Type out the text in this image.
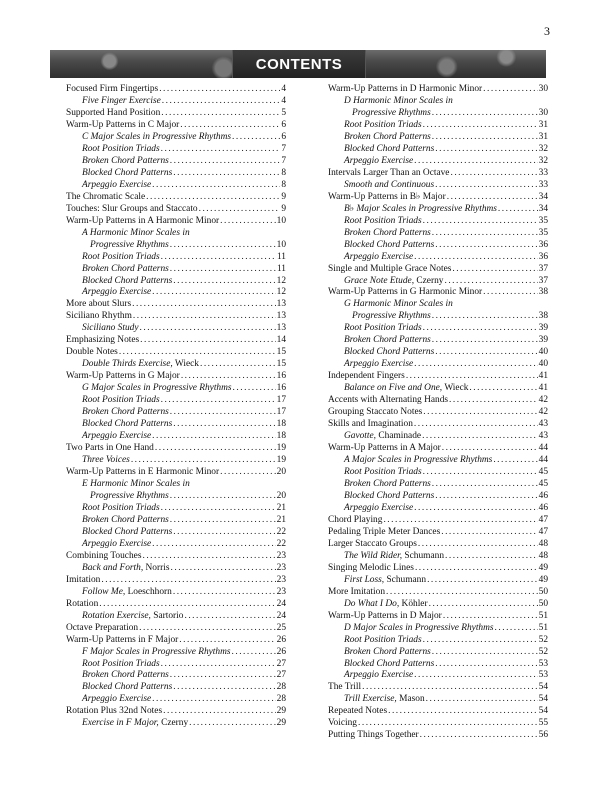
3
CONTENTS
Focused Firm Fingertips .....	4
Five Finger Exercise .....	4
Supported Hand Position .....	5
Warm-Up Patterns in C Major .....	6
C Major Scales in Progressive Rhythms .....	6
Root Position Triads .....	7
Broken Chord Patterns .....	7
Blocked Chord Patterns .....	8
Arpeggio Exercise .....	8
The Chromatic Scale .....	9
Touches: Slur Groups and Staccato .....	9
Warm-Up Patterns in A Harmonic Minor .....	10
A Harmonic Minor Scales in
Progressive Rhythms .....	10
Root Position Triads .....	11
Broken Chord Patterns .....	11
Blocked Chord Patterns .....	12
Arpeggio Exercise .....	12
More about Slurs .....	13
Siciliano Rhythm .....	13
Siciliano Study .....	13
Emphasizing Notes .....	14
Double Notes .....	15
Double Thirds Exercise, Wieck .....	15
Warm-Up Patterns in G Major .....	16
G Major Scales in Progressive Rhythms .....	16
Root Position Triads .....	17
Broken Chord Patterns .....	17
Blocked Chord Patterns .....	18
Arpeggio Exercise .....	18
Two Parts in One Hand .....	19
Three Voices .....	19
Warm-Up Patterns in E Harmonic Minor .....	20
E Harmonic Minor Scales in
Progressive Rhythms .....	20
Root Position Triads .....	21
Broken Chord Patterns .....	21
Blocked Chord Patterns .....	22
Arpeggio Exercise .....	22
Combining Touches .....	23
Back and Forth, Norris .....	23
Imitation .....	23
Follow Me, Loeschhorn .....	23
Rotation .....	24
Rotation Exercise, Sartorio .....	24
Octave Preparation .....	25
Warm-Up Patterns in F Major .....	26
F Major Scales in Progressive Rhythms .....	26
Root Position Triads .....	27
Broken Chord Patterns .....	27
Blocked Chord Patterns .....	28
Arpeggio Exercise .....	28
Rotation Plus 32nd Notes .....	29
Exercise in F Major, Czerny .....	29
Warm-Up Patterns in D Harmonic Minor .....	30
D Harmonic Minor Scales in
Progressive Rhythms .....	30
Root Position Triads .....	31
Broken Chord Patterns .....	31
Blocked Chord Patterns .....	32
Arpeggio Exercise .....	32
Intervals Larger Than an Octave .....	33
Smooth and Continuous .....	33
Warm-Up Patterns in B♭ Major .....	34
B♭ Major Scales in Progressive Rhythms .....	34
Root Position Triads .....	35
Broken Chord Patterns .....	35
Blocked Chord Patterns .....	36
Arpeggio Exercise .....	36
Single and Multiple Grace Notes .....	37
Grace Note Etude, Czerny .....	37
Warm-Up Patterns in G Harmonic Minor .....	38
G Harmonic Minor Scales in
Progressive Rhythms .....	38
Root Position Triads .....	39
Broken Chord Patterns .....	39
Blocked Chord Patterns .....	40
Arpeggio Exercise .....	40
Independent Fingers .....	41
Balance on Five and One, Wieck .....	41
Accents with Alternating Hands .....	42
Grouping Staccato Notes .....	42
Skills and Imagination .....	43
Gavotte, Chaminade .....	43
Warm-Up Patterns in A Major .....	44
A Major Scales in Progressive Rhythms .....	44
Root Position Triads .....	45
Broken Chord Patterns .....	45
Blocked Chord Patterns .....	46
Arpeggio Exercise .....	46
Chord Playing .....	47
Pedaling Triple Meter Dances .....	47
Larger Staccato Groups .....	48
The Wild Rider, Schumann .....	48
Singing Melodic Lines .....	49
First Loss, Schumann .....	49
More Imitation .....	50
Do What I Do, Köhler .....	50
Warm-Up Patterns in D Major .....	51
D Major Scales in Progressive Rhythms .....	51
Root Position Triads .....	52
Broken Chord Patterns .....	52
Blocked Chord Patterns .....	53
Arpeggio Exercise .....	53
The Trill .....	54
Trill Exercise, Mason .....	54
Repeated Notes .....	54
Voicing .....	55
Putting Things Together .....	56
